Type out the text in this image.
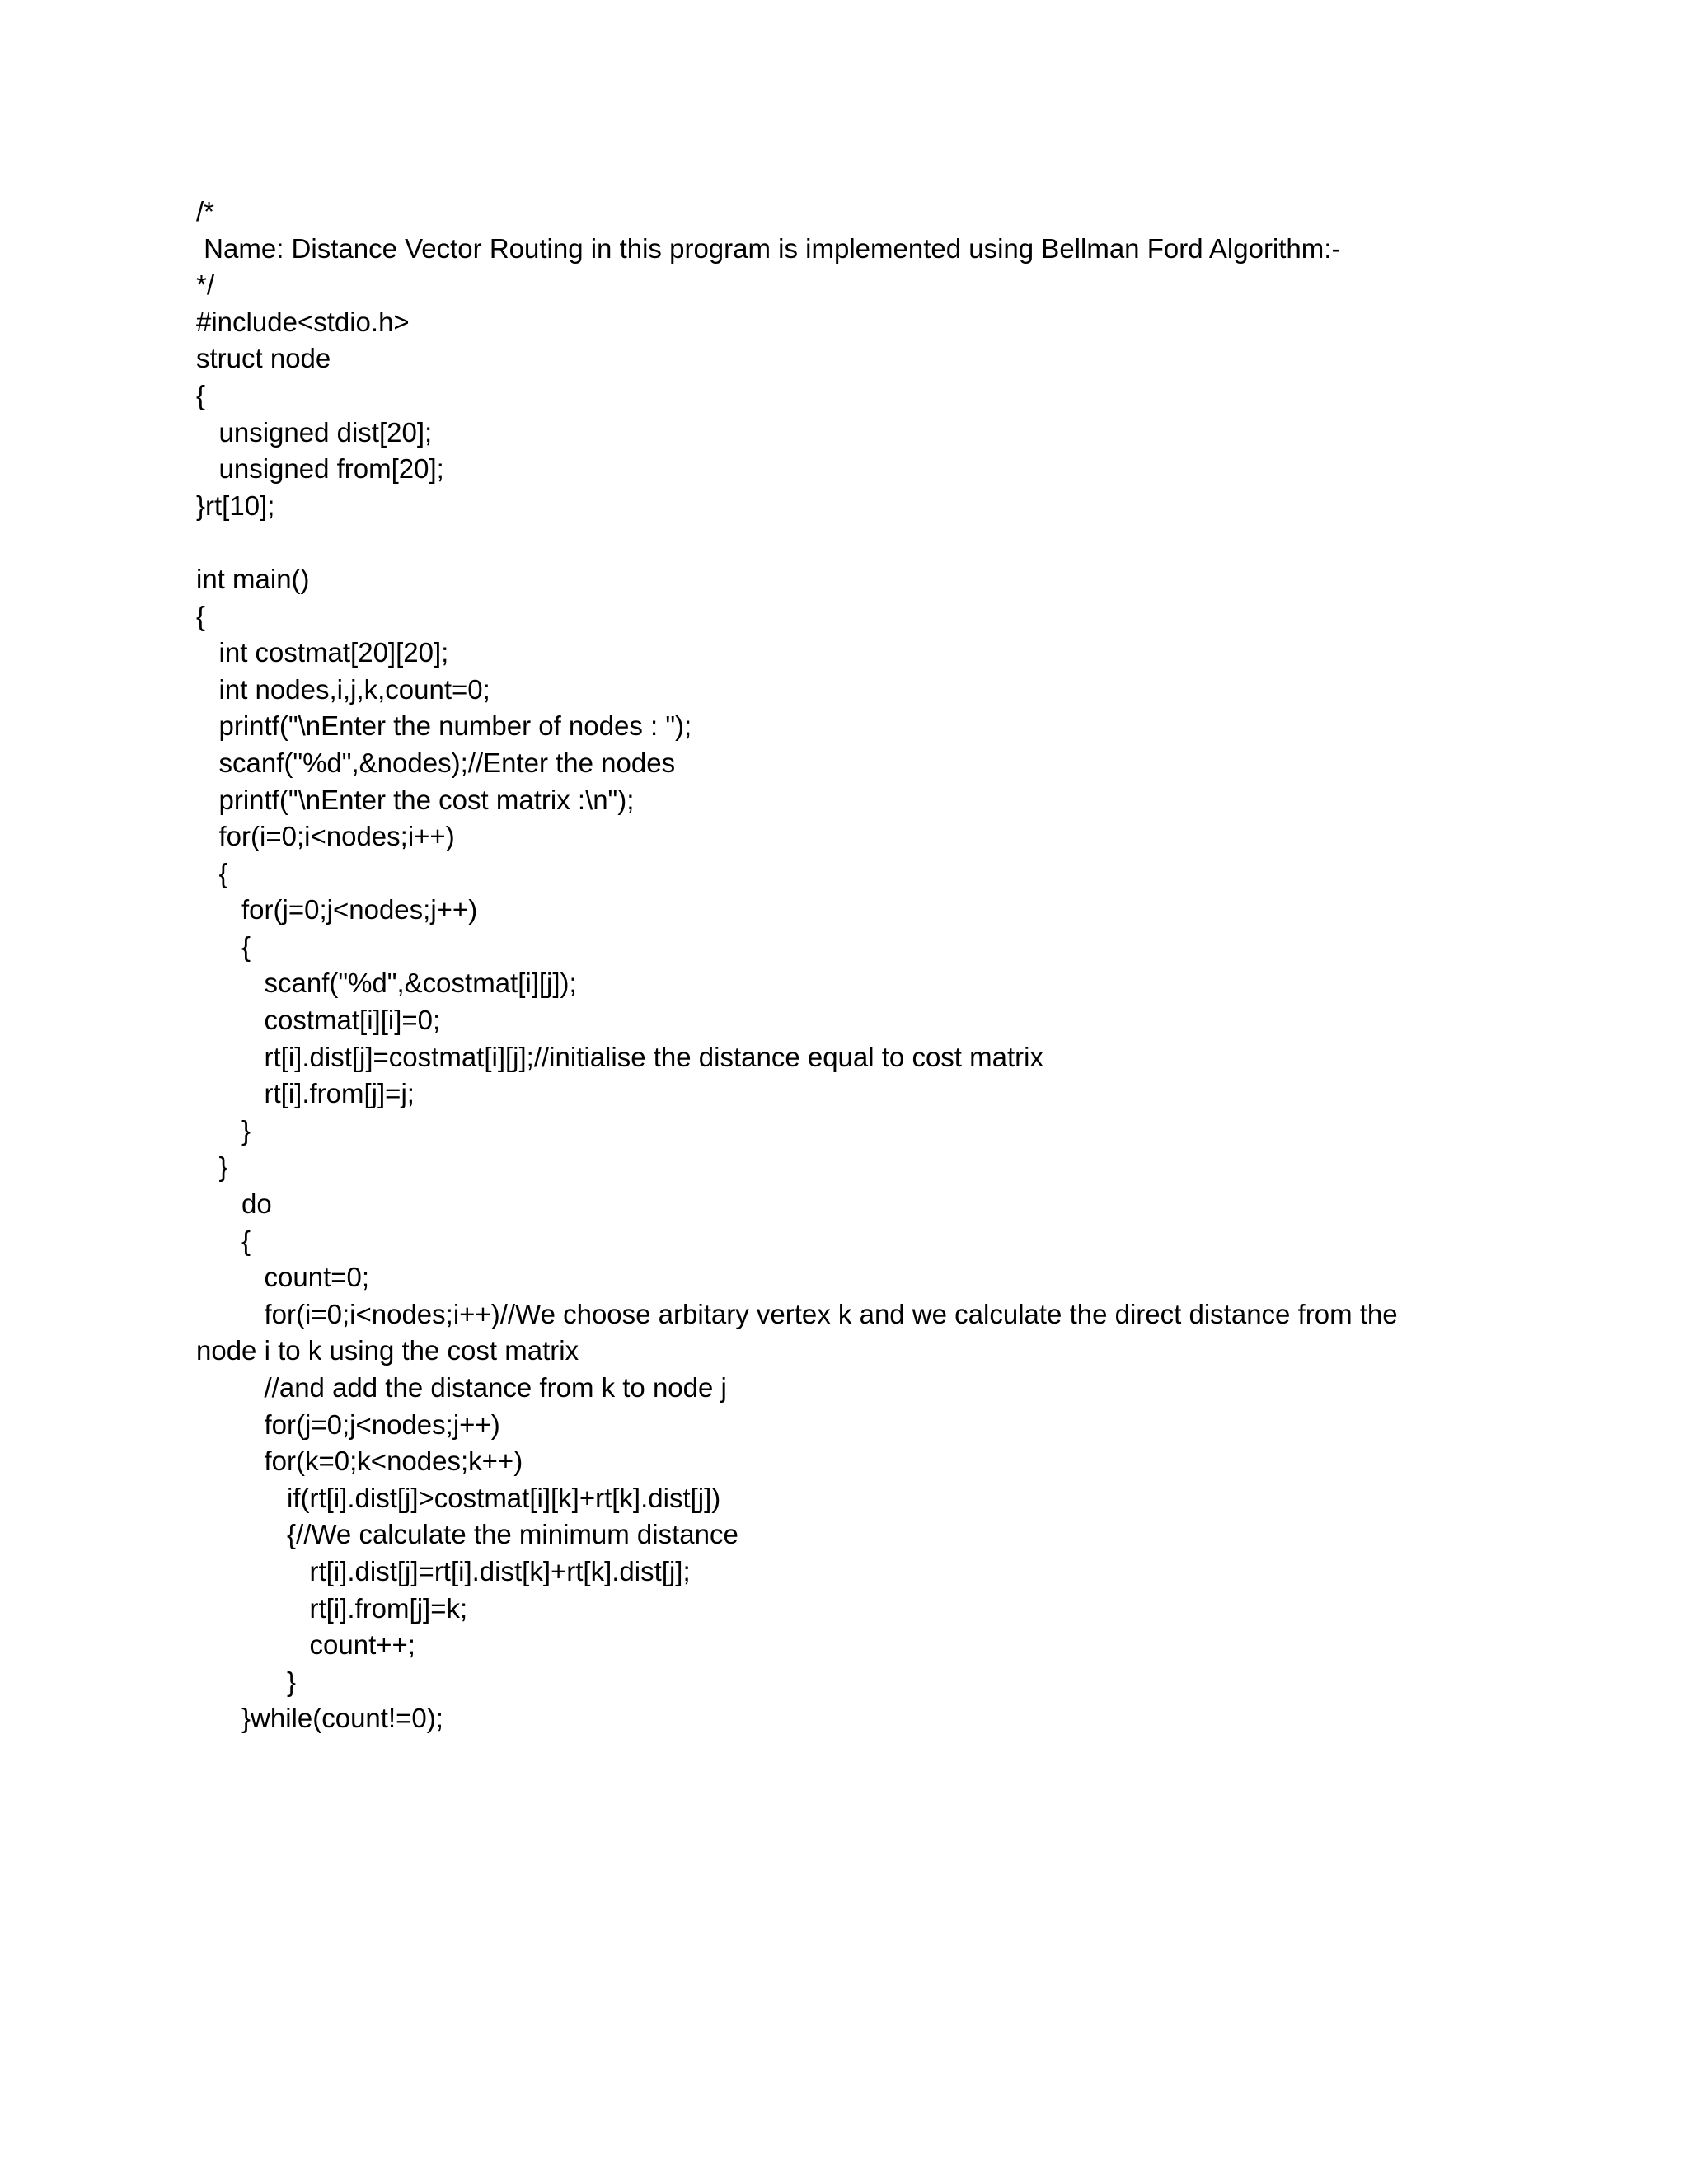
/*
Name: Distance Vector Routing in this program is implemented using Bellman Ford Algorithm:-
*/
#include<stdio.h>
struct node
{
unsigned dist[20];
unsigned from[20];
}rt[10];
int main()
{
int costmat[20][20];
int nodes,i,j,k,count=0;
printf("\nEnter the number of nodes : ");
scanf("%d",&nodes);//Enter the nodes
printf("\nEnter the cost matrix :\n");
for(i=0;i<nodes;i++)
{
for(j=0;j<nodes;j++)
{
scanf("%d",&costmat[i][j]);
costmat[i][i]=0;
rt[i].dist[j]=costmat[i][j];//initialise the distance equal to cost matrix
rt[i].from[j]=j;
}
}
do
{
count=0;
for(i=0;i<nodes;i++)//We choose arbitary vertex k and we calculate the direct distance from the
node i to k using the cost matrix
//and add the distance from k to node j
for(j=0;j<nodes;j++)
for(k=0;k<nodes;k++)
if(rt[i].dist[j]>costmat[i][k]+rt[k].dist[j])
{//We calculate the minimum distance
rt[i].dist[j]=rt[i].dist[k]+rt[k].dist[j];
rt[i].from[j]=k;
count++;
}
}while(count!=0);
